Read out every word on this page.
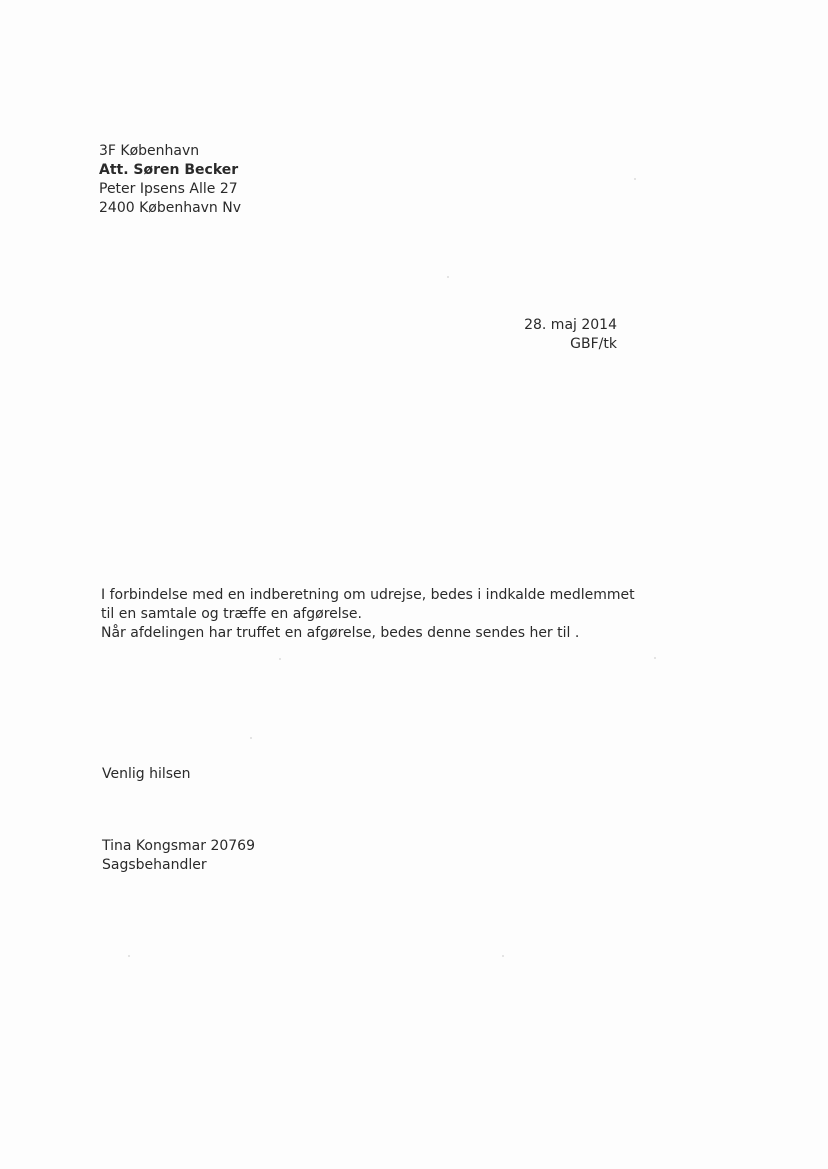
3F København
Att. Søren Becker
Peter Ipsens Alle 27
2400 København Nv
28. maj 2014
GBF/tk
I forbindelse med en indberetning om udrejse, bedes i indkalde medlemmet
til en samtale og træffe en afgørelse.
Når afdelingen har truffet en afgørelse, bedes denne sendes her til .
Venlig hilsen
Tina Kongsmar 20769
Sagsbehandler
